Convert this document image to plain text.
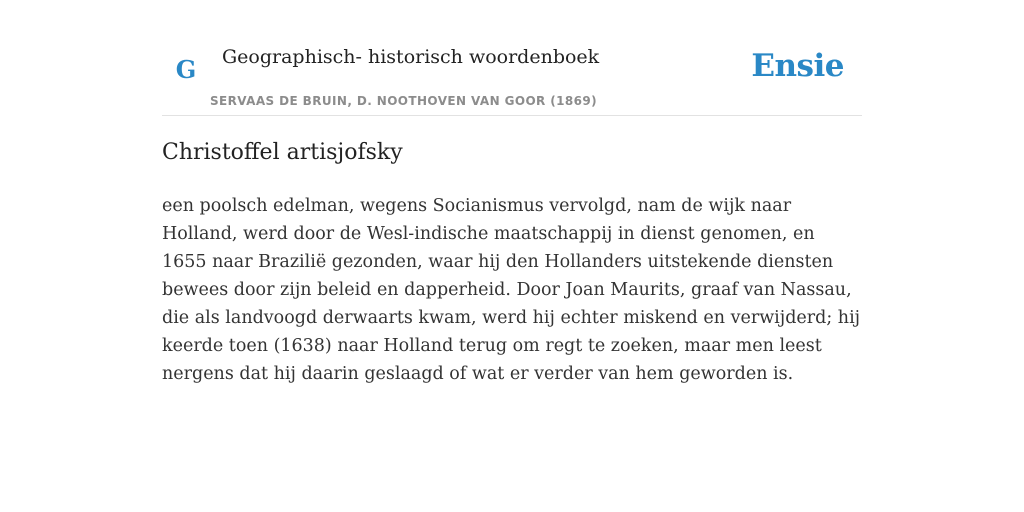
G Geographisch- historisch woordenboek
SERVAAS DE BRUIN, D. NOOTHOVEN VAN GOOR (1869)
Ensie
Christoffel artisjofsky

een poolsch edelman, wegens Socianismus vervolgd, nam de wijk naar Holland, werd door de Wesl-indische maatschappij in dienst genomen, en 1655 naar Brazilië gezonden, waar hij den Hollanders uitstekende diensten bewees door zijn beleid en dapperheid. Door Joan Maurits, graaf van Nassau, die als landvoogd derwaarts kwam, werd hij echter miskend en verwijderd; hij keerde toen (1638) naar Holland terug om regt te zoeken, maar men leest nergens dat hij daarin geslaagd of wat er verder van hem geworden is.
